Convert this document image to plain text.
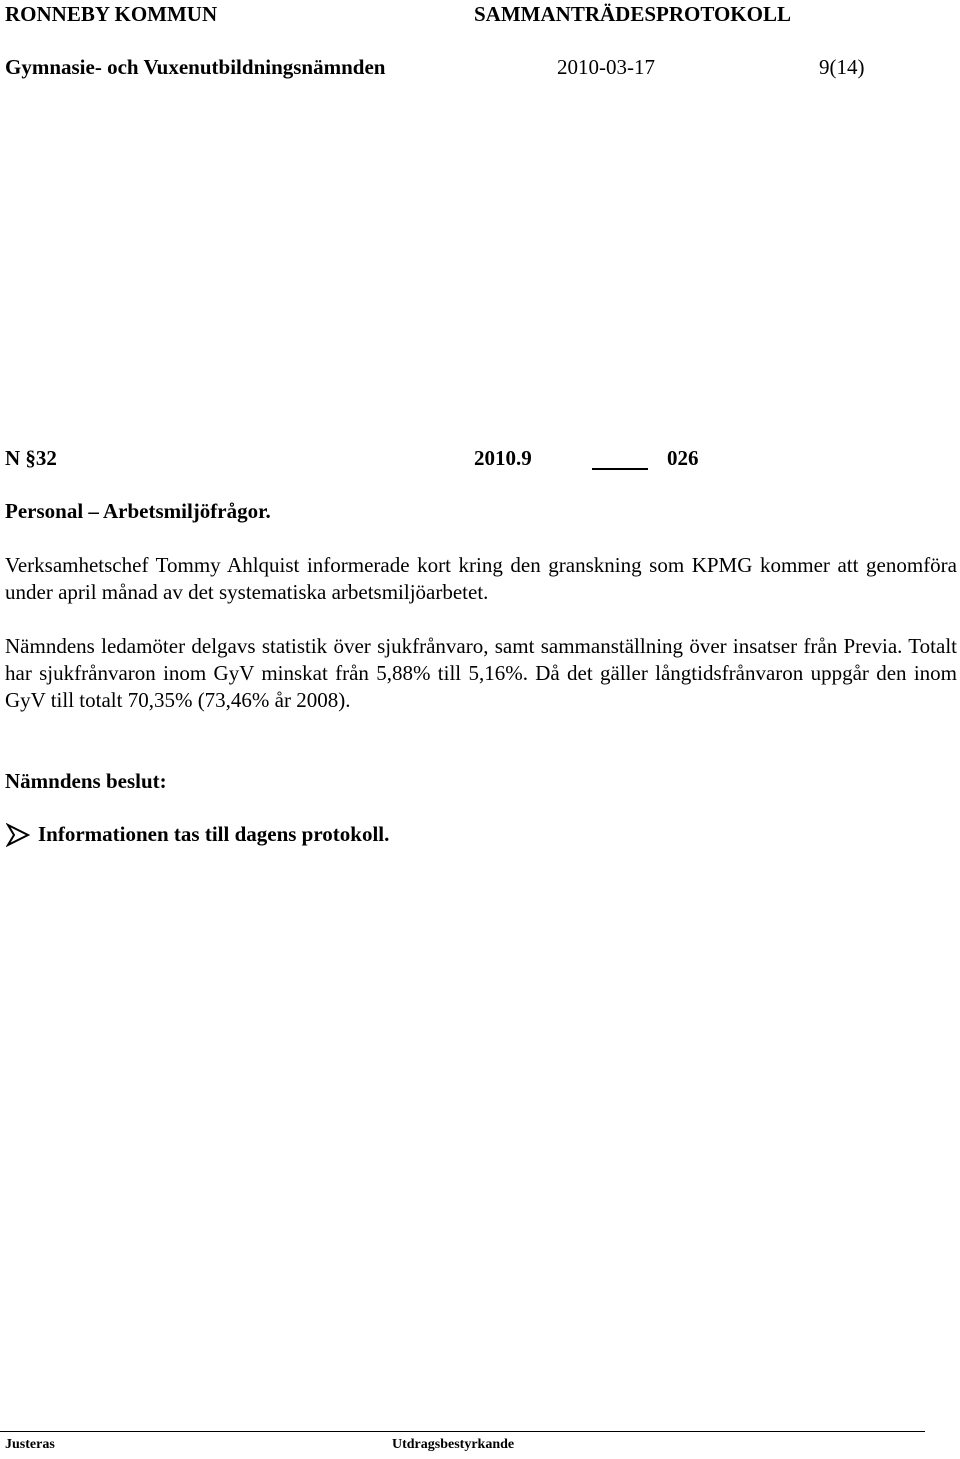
RONNEBY KOMMUN	SAMMANTRÄDESPROTOKOLL
Gymnasie- och Vuxenutbildningsnämnden	2010-03-17	9(14)
N §32	2010.9	026
Personal – Arbetsmiljöfrågor.
Verksamhetschef Tommy Ahlquist informerade kort kring den granskning som KPMG kommer att genomföra under april månad av det systematiska arbetsmiljöarbetet.
Nämndens ledamöter delgavs statistik över sjukfrånvaro, samt sammanställning över insatser från Previa. Totalt har sjukfrånvaron inom GyV minskat från 5,88% till 5,16%. Då det gäller långtidsfrånvaron uppgår den inom GyV till totalt 70,35% (73,46% år 2008).
Nämndens beslut:
Informationen tas till dagens protokoll.
Justeras	Utdragsbestyrkande
